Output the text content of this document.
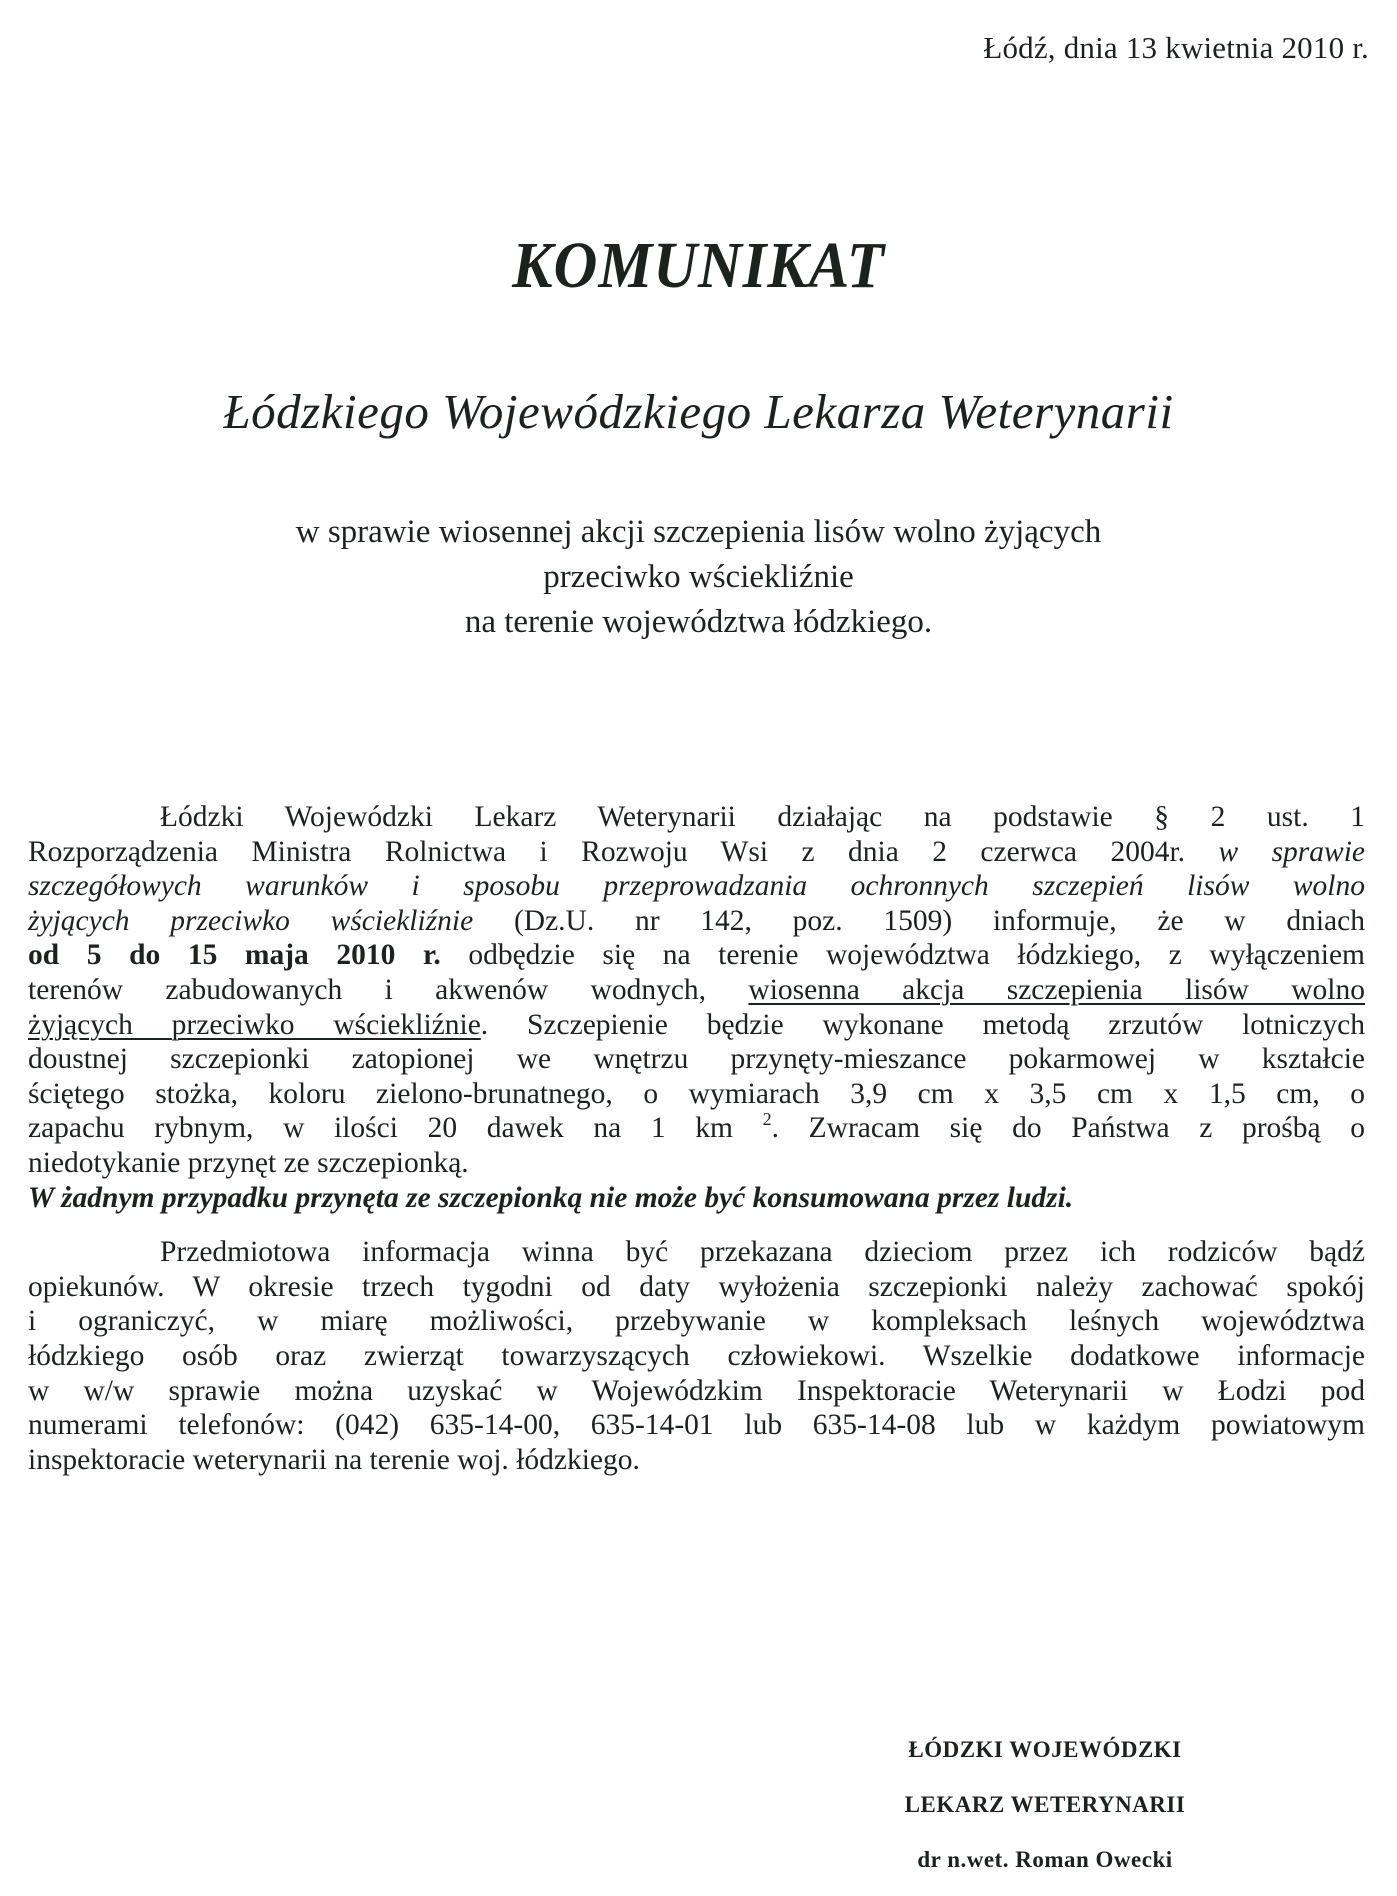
Łódź, dnia 13 kwietnia 2010 r.
KOMUNIKAT
Łódzkiego Wojewódzkiego Lekarza Weterynarii
w sprawie wiosennej akcji szczepienia lisów wolno żyjących
przeciwko wściekliźnie
na terenie województwa łódzkiego.
Łódzki Wojewódzki Lekarz Weterynarii działając na podstawie § 2 ust. 1
Rozporządzenia Ministra Rolnictwa i Rozwoju Wsi z dnia 2 czerwca 2004r. w sprawie
szczegółowych warunków i sposobu przeprowadzania ochronnych szczepień lisów wolno
żyjących przeciwko wściekliźnie (Dz.U. nr 142, poz. 1509) informuje, że w dniach
od 5 do 15 maja 2010 r. odbędzie się na terenie województwa łódzkiego, z wyłączeniem
terenów zabudowanych i akwenów wodnych, wiosenna akcja szczepienia lisów wolno
żyjących przeciwko wściekliźnie. Szczepienie będzie wykonane metodą zrzutów lotniczych
doustnej szczepionki zatopionej we wnętrzu przynęty-mieszance pokarmowej w kształcie
ściętego stożka, koloru zielono-brunatnego, o wymiarach 3,9 cm x 3,5 cm x 1,5 cm, o
zapachu rybnym, w ilości 20 dawek na 1 km $^2$. Zwracam się do Państwa z prośbą o
niedotykanie przynęt ze szczepionką.
W żadnym przypadku przynęta ze szczepionką nie może być konsumowana przez ludzi.
Przedmiotowa informacja winna być przekazana dzieciom przez ich rodziców bądź
opiekunów. W okresie trzech tygodni od daty wyłożenia szczepionki należy zachować spokój
i ograniczyć, w miarę możliwości, przebywanie w kompleksach leśnych województwa
łódzkiego osób oraz zwierząt towarzyszących człowiekowi. Wszelkie dodatkowe informacje
w w/w sprawie można uzyskać w Wojewódzkim Inspektoracie Weterynarii w Łodzi pod
numerami telefonów: (042) 635-14-00, 635-14-01 lub 635-14-08 lub w każdym powiatowym
inspektoracie weterynarii na terenie woj. łódzkiego.
ŁÓDZKI WOJEWÓDZKI
LEKARZ WETERYNARII
dr n.wet. Roman Owecki
